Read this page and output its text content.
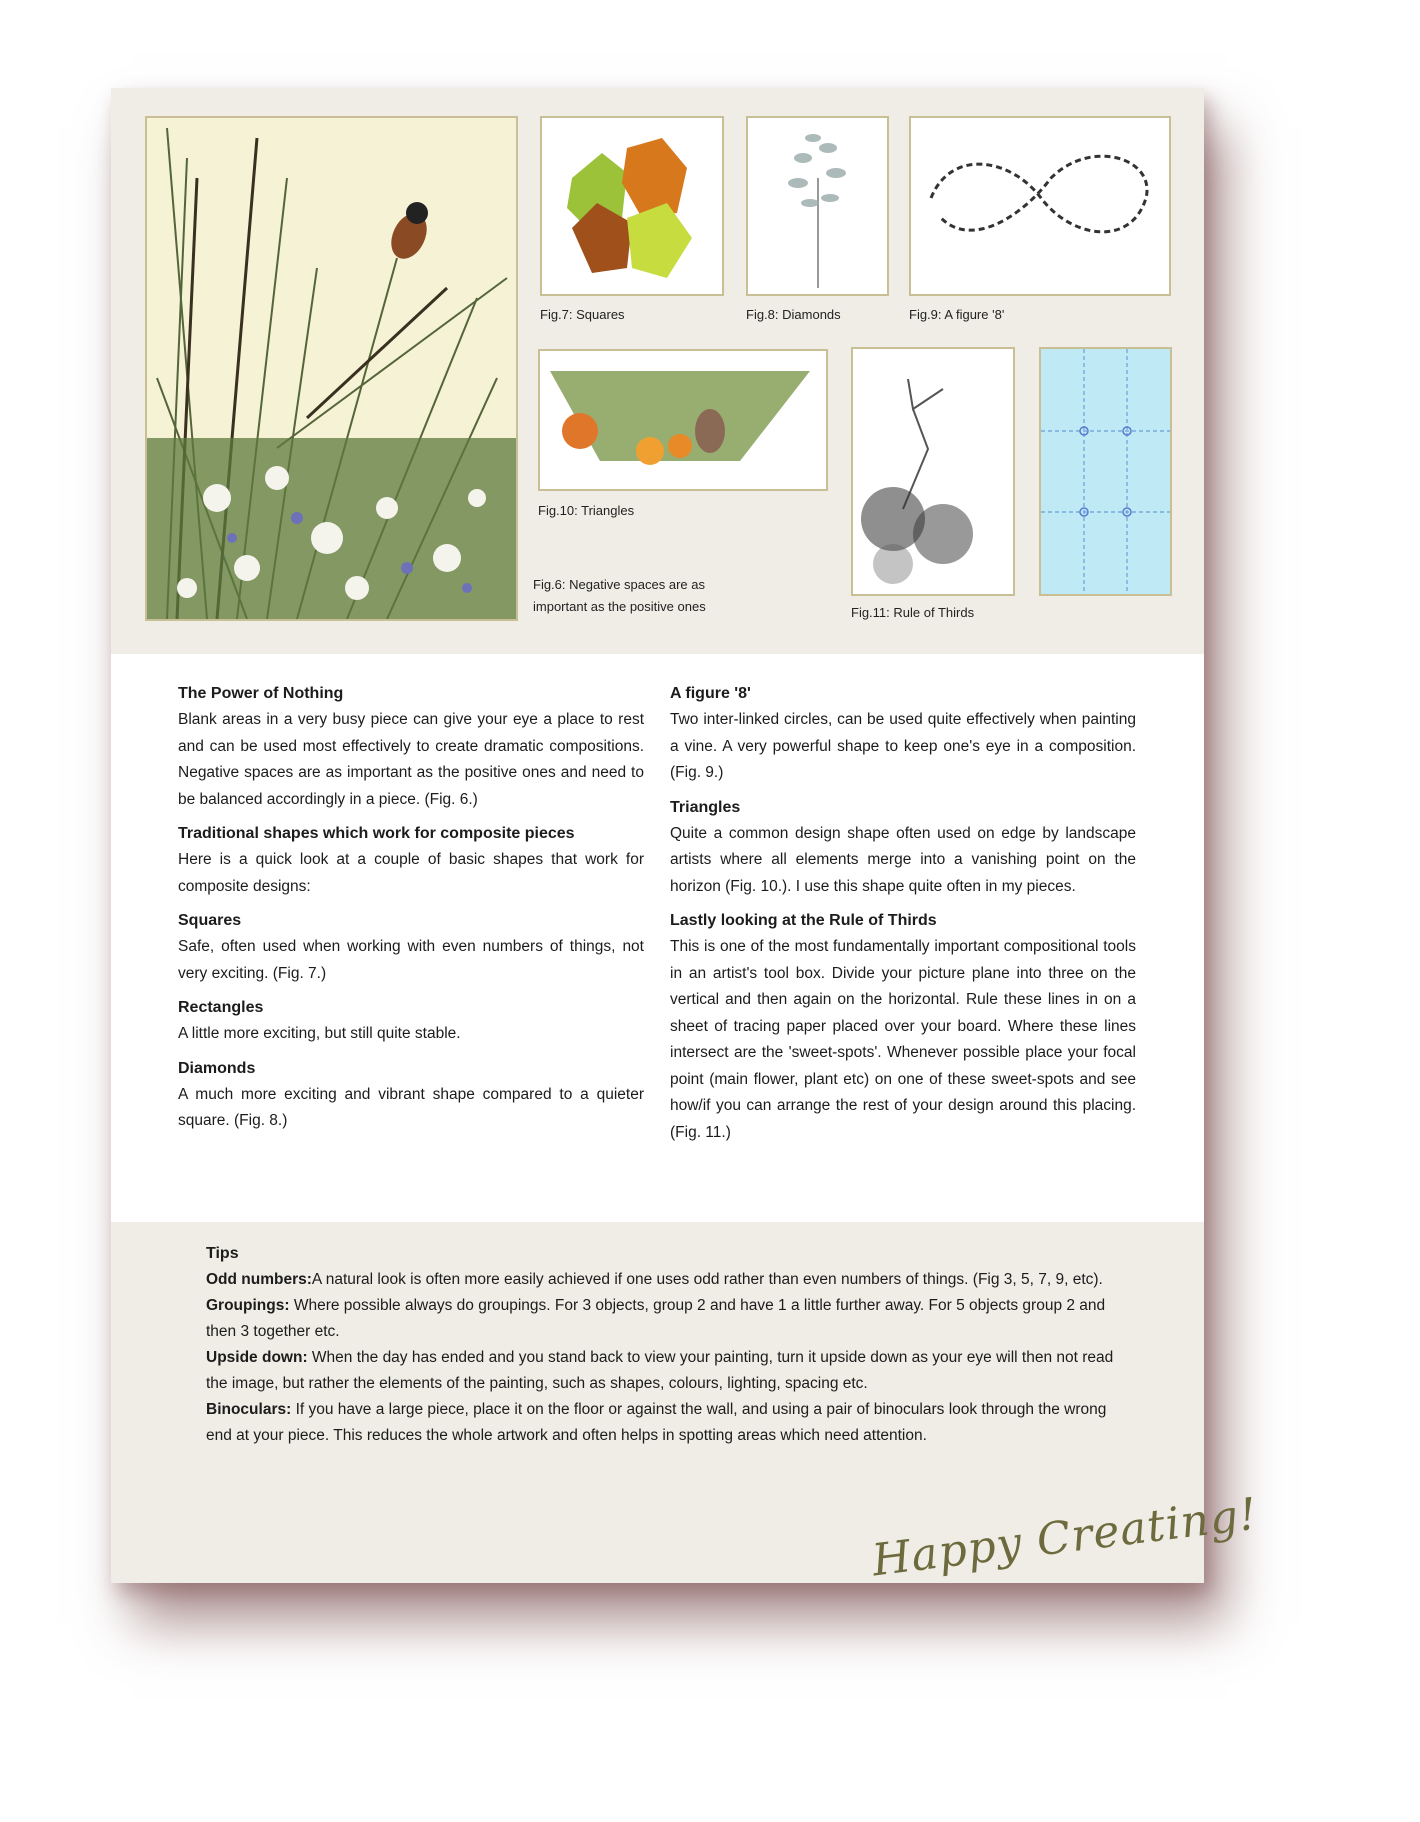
Fig.6: Negative spaces are as
important as the positive ones
Fig.7: Squares	Fig.8: Diamonds	Fig.9: A figure '8'
Fig.10: Triangles
Fig.11: Rule of Thirds
The Power of Nothing

Blank areas in a very busy piece can give your eye a place to rest and can be used most effectively to create dramatic compositions. Negative spaces are as important as the positive ones and need to be balanced accordingly in a piece. (Fig. 6.)

Traditional shapes which work for composite pieces

Here is a quick look at a couple of basic shapes that work for composite designs:

Squares

Safe, often used when working with even numbers of things, not very exciting. (Fig. 7.)

Rectangles

A little more exciting, but still quite stable.

Diamonds

A much more exciting and vibrant shape compared to a quieter square. (Fig. 8.)

A figure '8'

Two inter-linked circles, can be used quite effectively when painting a vine. A very powerful shape to keep one's eye in a composition. (Fig. 9.)

Triangles

Quite a common design shape often used on edge by landscape artists where all elements merge into a vanishing point on the horizon (Fig. 10.). I use this shape quite often in my pieces.

Lastly looking at the Rule of Thirds

This is one of the most fundamentally important compositional tools in an artist's tool box. Divide your picture plane into three on the vertical and then again on the horizontal. Rule these lines in on a sheet of tracing paper placed over your board. Where these lines intersect are the 'sweet-spots'. Whenever possible place your focal point (main flower, plant etc) on one of these sweet-spots and see how/if you can arrange the rest of your design around this placing. (Fig. 11.)

Tips

Odd numbers:A natural look is often more easily achieved if one uses odd rather than even numbers of things. (Fig 3, 5, 7, 9, etc).

Groupings: Where possible always do groupings. For 3 objects, group 2 and have 1 a little further away. For 5 objects group 2 and then 3 together etc.

Upside down: When the day has ended and you stand back to view your painting, turn it upside down as your eye will then not read the image, but rather the elements of the painting, such as shapes, colours, lighting, spacing etc.

Binoculars: If you have a large piece, place it on the floor or against the wall, and using a pair of binoculars look through the wrong end at your piece. This reduces the whole artwork and often helps in spotting areas which need attention.

Happy Creating!
